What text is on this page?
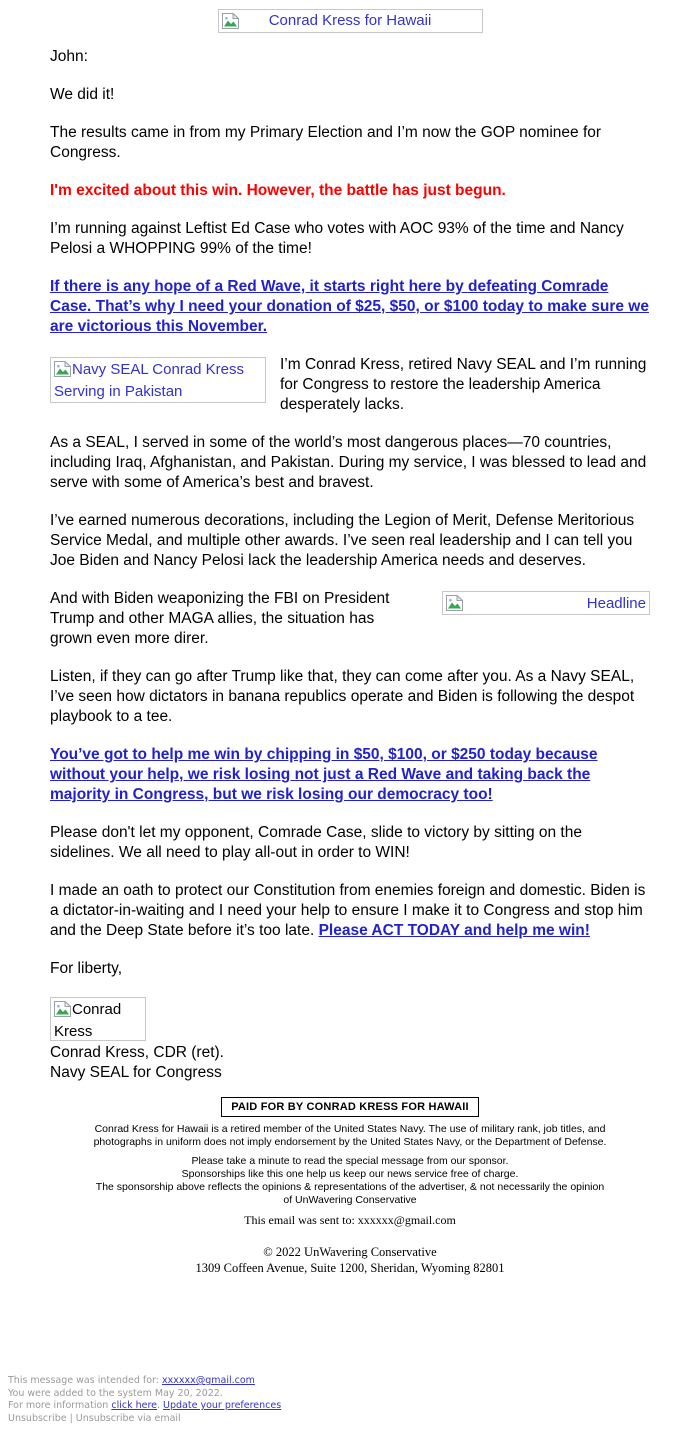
Conrad Kress for Hawaii

John:

We did it!

The results came in from my Primary Election and I’m now the GOP nominee for Congress.

I'm excited about this win. However, the battle has just begun.

I’m running against Leftist Ed Case who votes with AOC 93% of the time and Nancy Pelosi a WHOPPING 99% of the time!

If there is any hope of a Red Wave, it starts right here by defeating Comrade Case. That’s why I need your donation of $25, $50, or $100 today to make sure we are victorious this November.

Navy SEAL Conrad Kress Serving in Pakistan
I’m Conrad Kress, retired Navy SEAL and I’m running for Congress to restore the leadership America desperately lacks.

As a SEAL, I served in some of the world’s most dangerous places—70 countries, including Iraq, Afghanistan, and Pakistan. During my service, I was blessed to lead and serve with some of America’s best and bravest.

I’ve earned numerous decorations, including the Legion of Merit, Defense Meritorious Service Medal, and multiple other awards. I’ve seen real leadership and I can tell you Joe Biden and Nancy Pelosi lack the leadership America needs and deserves.

Headline
And with Biden weaponizing the FBI on President Trump and other MAGA allies, the situation has grown even more direr.

Listen, if they can go after Trump like that, they can come after you. As a Navy SEAL, I’ve seen how dictators in banana republics operate and Biden is following the despot playbook to a tee.

You’ve got to help me win by chipping in $50, $100, or $250 today because without your help, we risk losing not just a Red Wave and taking back the majority in Congress, but we risk losing our democracy too!

Please don't let my opponent, Comrade Case, slide to victory by sitting on the sidelines. We all need to play all-out in order to WIN!

I made an oath to protect our Constitution from enemies foreign and domestic. Biden is a dictator-in-waiting and I need your help to ensure I make it to Congress and stop him and the Deep State before it’s too late. Please ACT TODAY and help me win!

For liberty,

Conrad Kress
Conrad Kress, CDR (ret).
Navy SEAL for Congress
PAID FOR BY CONRAD KRESS FOR HAWAII
Conrad Kress for Hawaii is a retired member of the United States Navy. The use of military rank, job titles, and
photographs in uniform does not imply endorsement by the United States Navy, or the Department of Defense.
Please take a minute to read the special message from our sponsor.
Sponsorships like this one help us keep our news service free of charge.
The sponsorship above reflects the opinions & representations of the advertiser, & not necessarily the opinion
of UnWavering Conservative
This email was sent to: xxxxxx@gmail.com
© 2022 UnWavering Conservative
1309 Coffeen Avenue, Suite 1200, Sheridan, Wyoming 82801
This message was intended for: xxxxxx@gmail.com
You were added to the system May 20, 2022.
For more information click here. Update your preferences
Unsubscribe | Unsubscribe via email
